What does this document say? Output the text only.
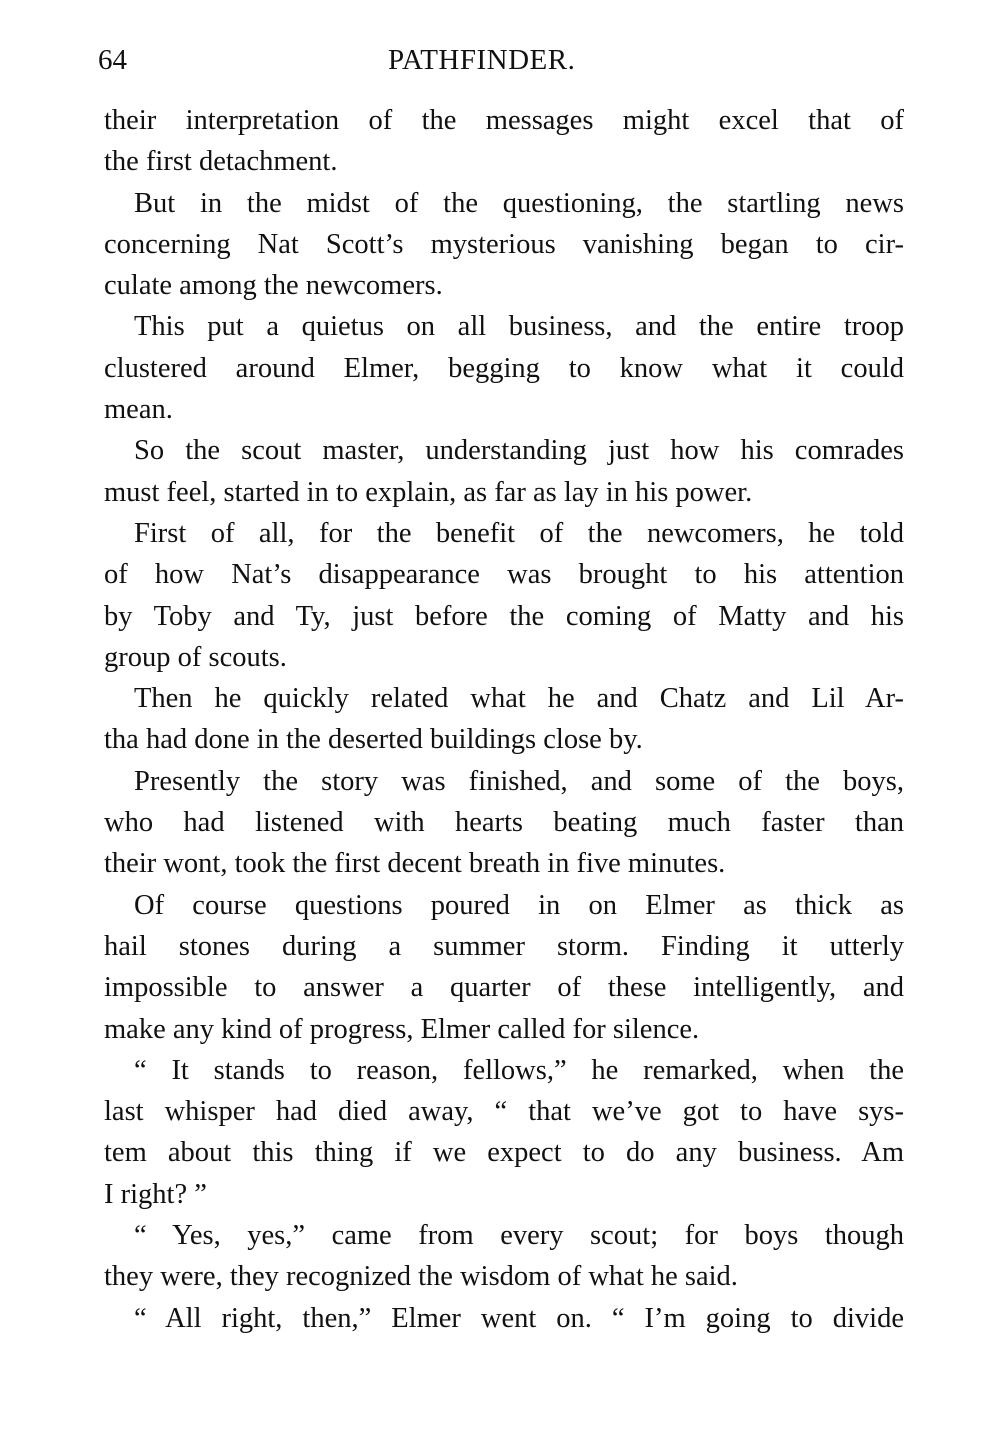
64	PATHFINDER.
their interpretation of the messages might excel that of
the first detachment.
But in the midst of the questioning, the startling news
concerning Nat Scott’s mysterious vanishing began to cir-
culate among the newcomers.
This put a quietus on all business, and the entire troop
clustered around Elmer, begging to know what it could
mean.
So the scout master, understanding just how his comrades
must feel, started in to explain, as far as lay in his power.
First of all, for the benefit of the newcomers, he told
of how Nat’s disappearance was brought to his attention
by Toby and Ty, just before the coming of Matty and his
group of scouts.
Then he quickly related what he and Chatz and Lil Ar-
tha had done in the deserted buildings close by.
Presently the story was finished, and some of the boys,
who had listened with hearts beating much faster than
their wont, took the first decent breath in five minutes.
Of course questions poured in on Elmer as thick as
hail stones during a summer storm. Finding it utterly
impossible to answer a quarter of these intelligently, and
make any kind of progress, Elmer called for silence.
“ It stands to reason, fellows,” he remarked, when the
last whisper had died away, “ that we’ve got to have sys-
tem about this thing if we expect to do any business. Am
I right? ”
“ Yes, yes,” came from every scout; for boys though
they were, they recognized the wisdom of what he said.
“ All right, then,” Elmer went on. “ I’m going to divide
